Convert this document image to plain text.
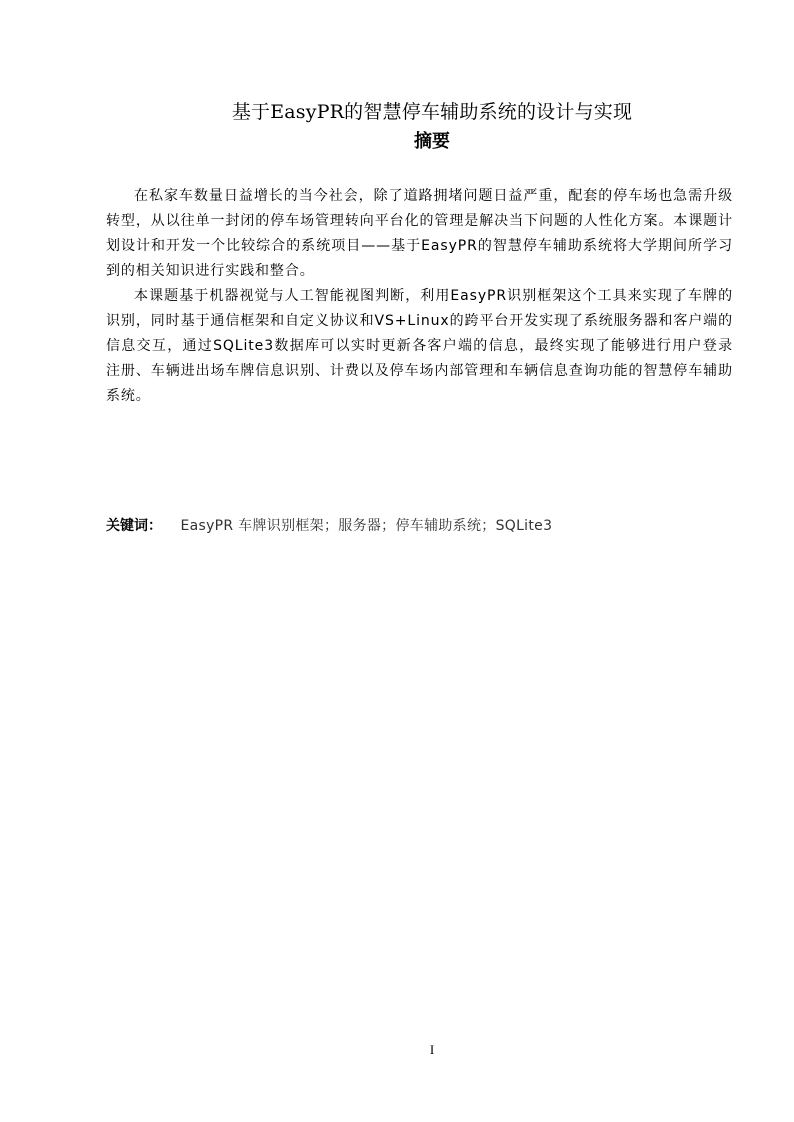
基于EasyPR的智慧停车辅助系统的设计与实现
摘要

在私家车数量日益增长的当今社会，除了道路拥堵问题日益严重，配套的停车场也急需升级转型，从以往单一封闭的停车场管理转向平台化的管理是解决当下问题的人性化方案。本课题计划设计和开发一个比较综合的系统项目——基于EasyPR的智慧停车辅助系统将大学期间所学习到的相关知识进行实践和整合。

本课题基于机器视觉与人工智能视图判断，利用EasyPR识别框架这个工具来实现了车牌的识别，同时基于通信框架和自定义协议和VS+Linux的跨平台开发实现了系统服务器和客户端的信息交互，通过SQLite3数据库可以实时更新各客户端的信息，最终实现了能够进行用户登录注册、车辆进出场车牌信息识别、计费以及停车场内部管理和车辆信息查询功能的智慧停车辅助系统。

关键词： EasyPR 车牌识别框架；服务器；停车辅助系统；SQLite3
I
